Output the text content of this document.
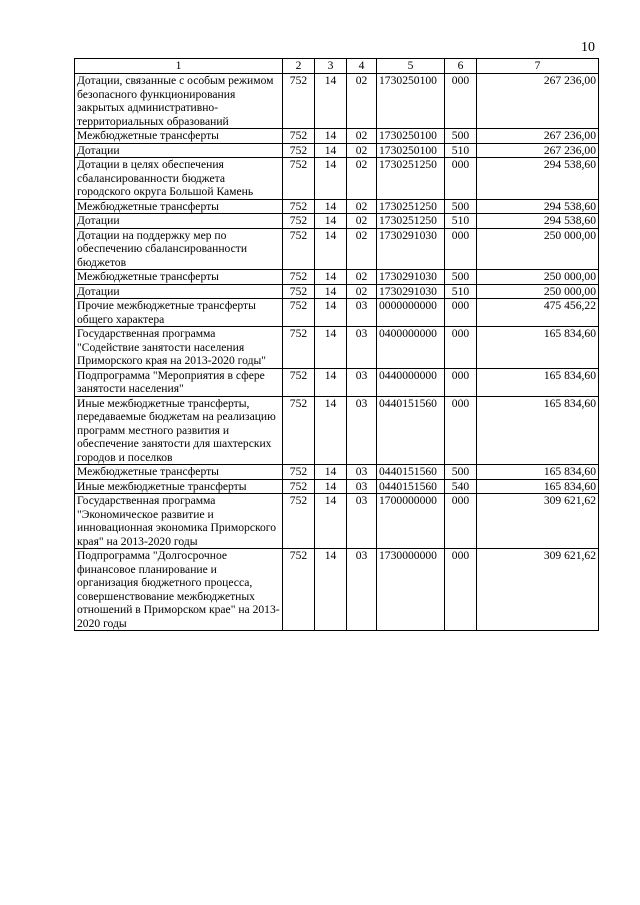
10
1	2	3	4	5	6	7
Дотации, связанные с особым режимом безопасного функционирования закрытых административно-территориальных образований	752	14	02	1730250100	000	267 236,00
Межбюджетные трансферты	752	14	02	1730250100	500	267 236,00
Дотации	752	14	02	1730250100	510	267 236,00
Дотации в целях обеспечения сбалансированности бюджета городского округа Большой Камень	752	14	02	1730251250	000	294 538,60
Межбюджетные трансферты	752	14	02	1730251250	500	294 538,60
Дотации	752	14	02	1730251250	510	294 538,60
Дотации на поддержку мер по обеспечению сбалансированности бюджетов	752	14	02	1730291030	000	250 000,00
Межбюджетные трансферты	752	14	02	1730291030	500	250 000,00
Дотации	752	14	02	1730291030	510	250 000,00
Прочие межбюджетные трансферты общего характера	752	14	03	0000000000	000	475 456,22
Государственная программа "Содействие занятости населения Приморского края на 2013-2020 годы"	752	14	03	0400000000	000	165 834,60
Подпрограмма "Мероприятия в сфере занятости населения"	752	14	03	0440000000	000	165 834,60
Иные межбюджетные трансферты, передаваемые бюджетам на реализацию программ местного развития и обеспечение занятости для шахтерских городов и поселков	752	14	03	0440151560	000	165 834,60
Межбюджетные трансферты	752	14	03	0440151560	500	165 834,60
Иные межбюджетные трансферты	752	14	03	0440151560	540	165 834,60
Государственная программа "Экономическое развитие и инновационная экономика Приморского края" на 2013-2020 годы	752	14	03	1700000000	000	309 621,62
Подпрограмма "Долгосрочное финансовое планирование и организация бюджетного процесса, совершенствование межбюджетных отношений в Приморском крае" на 2013-2020 годы	752	14	03	1730000000	000	309 621,62
